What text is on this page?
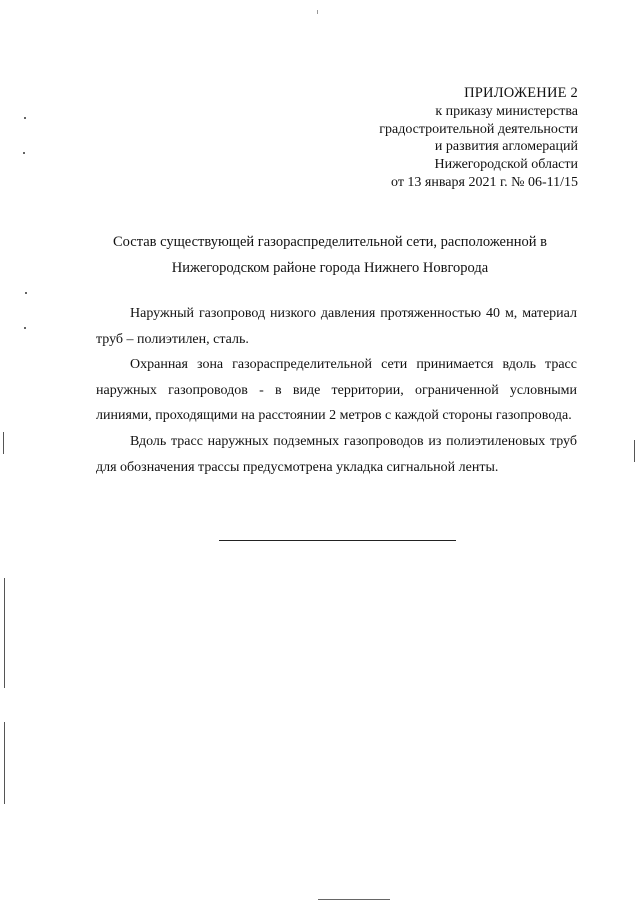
ПРИЛОЖЕНИЕ 2
к приказу министерства
градостроительной деятельности
и развития агломераций
Нижегородской области
от 13 января 2021 г. № 06-11/15
Состав существующей газораспределительной сети, расположенной в
Нижегородском районе города Нижнего Новгорода

Наружный газопровод низкого давления протяженностью 40 м, материал труб – полиэтилен, сталь.

Охранная зона газораспределительной сети принимается вдоль трасс наружных газопроводов - в виде территории, ограниченной условными линиями, проходящими на расстоянии 2 метров с каждой стороны газопровода.

Вдоль трасс наружных подземных газопроводов из полиэтиленовых труб для обозначения трассы предусмотрена укладка сигнальной ленты.
